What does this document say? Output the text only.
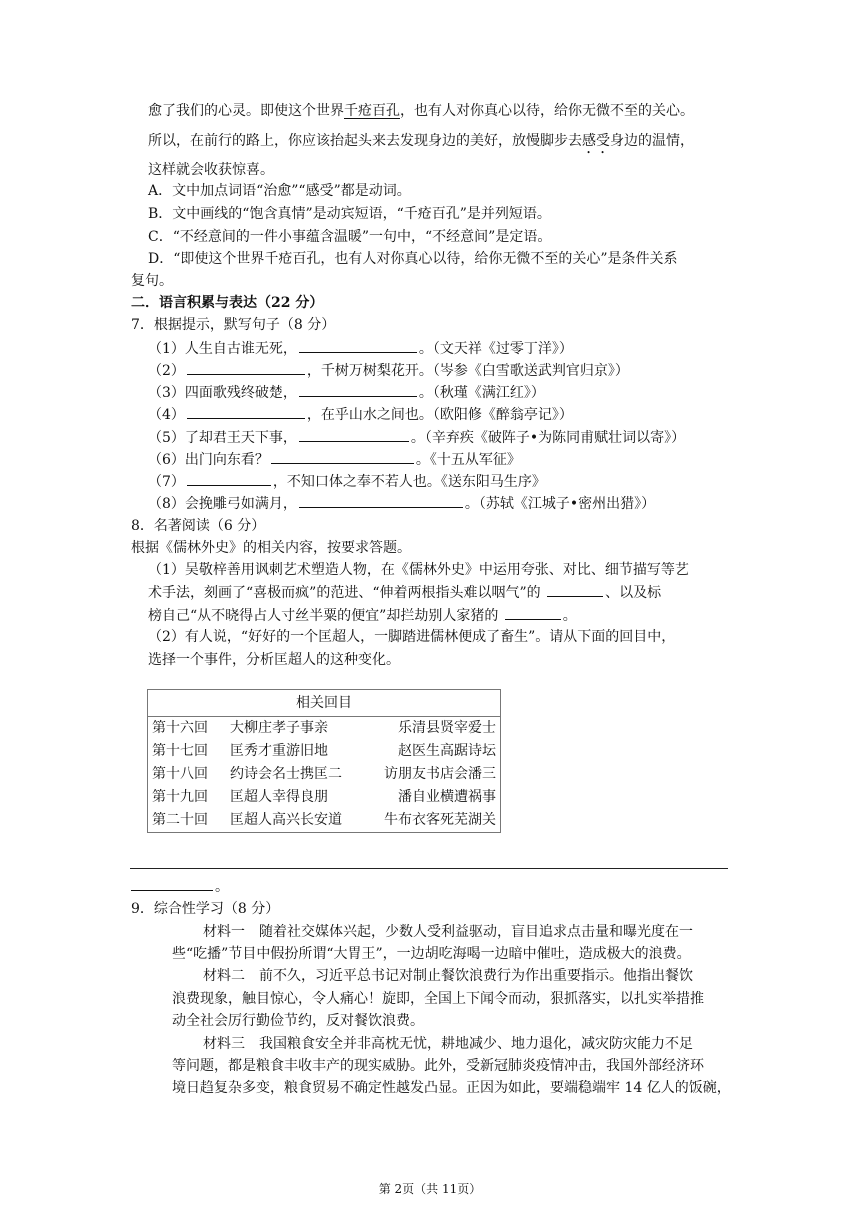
愈了我们的心灵。即使这个世界千疮百孔，也有人对你真心以待，给你无微不至的关心。
所以，在前行的路上，你应该抬起头来去发现身边的美好，放慢脚步去感受身边的温情，
这样就会收获惊喜。
A．文中加点词语“治愈”“感受”都是动词。
B．文中画线的“饱含真情”是动宾短语，“千疮百孔”是并列短语。
C．“不经意间的一件小事蕴含温暖”一句中，“不经意间”是定语。
D．“即使这个世界千疮百孔，也有人对你真心以待，给你无微不至的关心”是条件关系
复句。
二．语言积累与表达（22 分）
7．根据提示，默写句子（8 分）
（1）人生自古谁无死，	。（文天祥《过零丁洋》）
（2）	，千树万树梨花开。（岑参《白雪歌送武判官归京》）
（3）四面歌残终破楚，	。（秋瑾《满江红》）
（4）	，在乎山水之间也。（欧阳修《醉翁亭记》）
（5）了却君王天下事，	。（辛弃疾《破阵子•为陈同甫赋壮词以寄》）
（6）出门向东看？	。《十五从军征》
（7）	，不知口体之奉不若人也。《送东阳马生序》
（8）会挽雕弓如满月，	。（苏轼《江城子•密州出猎》）
8．名著阅读（6 分）
根据《儒林外史》的相关内容，按要求答题。
（1）吴敬梓善用讽刺艺术塑造人物，在《儒林外史》中运用夸张、对比、细节描写等艺
术手法，刻画了“喜极而疯”的范进、“伸着两根指头难以咽气”的	、以及标
榜自己“从不晓得占人寸丝半粟的便宜”却拦劫别人家猪的	。
（2）有人说，“好好的一个匡超人，一脚踏进儒林便成了畜生”。请从下面的回目中，
选择一个事件，分析匡超人的这种变化。
相关回目		
第十六回	大柳庄孝子事亲	乐清县贤宰爱士
第十七回	匡秀才重游旧地	赵医生高踞诗坛
第十八回	约诗会名士携匡二	访朋友书店会潘三
第十九回	匡超人幸得良朋	潘自业横遭祸事
第二十回	匡超人高兴长安道	牛布衣客死芜湖关
。
9．综合性学习（8 分）
材料一　随着社交媒体兴起，少数人受利益驱动，盲目追求点击量和曝光度在一
些“吃播”节目中假扮所谓“大胃王”，一边胡吃海喝一边暗中催吐，造成极大的浪费。
材料二　前不久，习近平总书记对制止餐饮浪费行为作出重要指示。他指出餐饮
浪费现象，触目惊心，令人痛心！旋即，全国上下闻令而动，狠抓落实，以扎实举措推
动全社会厉行勤俭节约，反对餐饮浪费。
材料三　我国粮食安全并非高枕无忧，耕地减少、地力退化，减灾防灾能力不足
等问题，都是粮食丰收丰产的现实威胁。此外，受新冠肺炎疫情冲击，我国外部经济环
境日趋复杂多变，粮食贸易不确定性越发凸显。正因为如此，要端稳端牢 14 亿人的饭碗，
第 2页（共 11页）
